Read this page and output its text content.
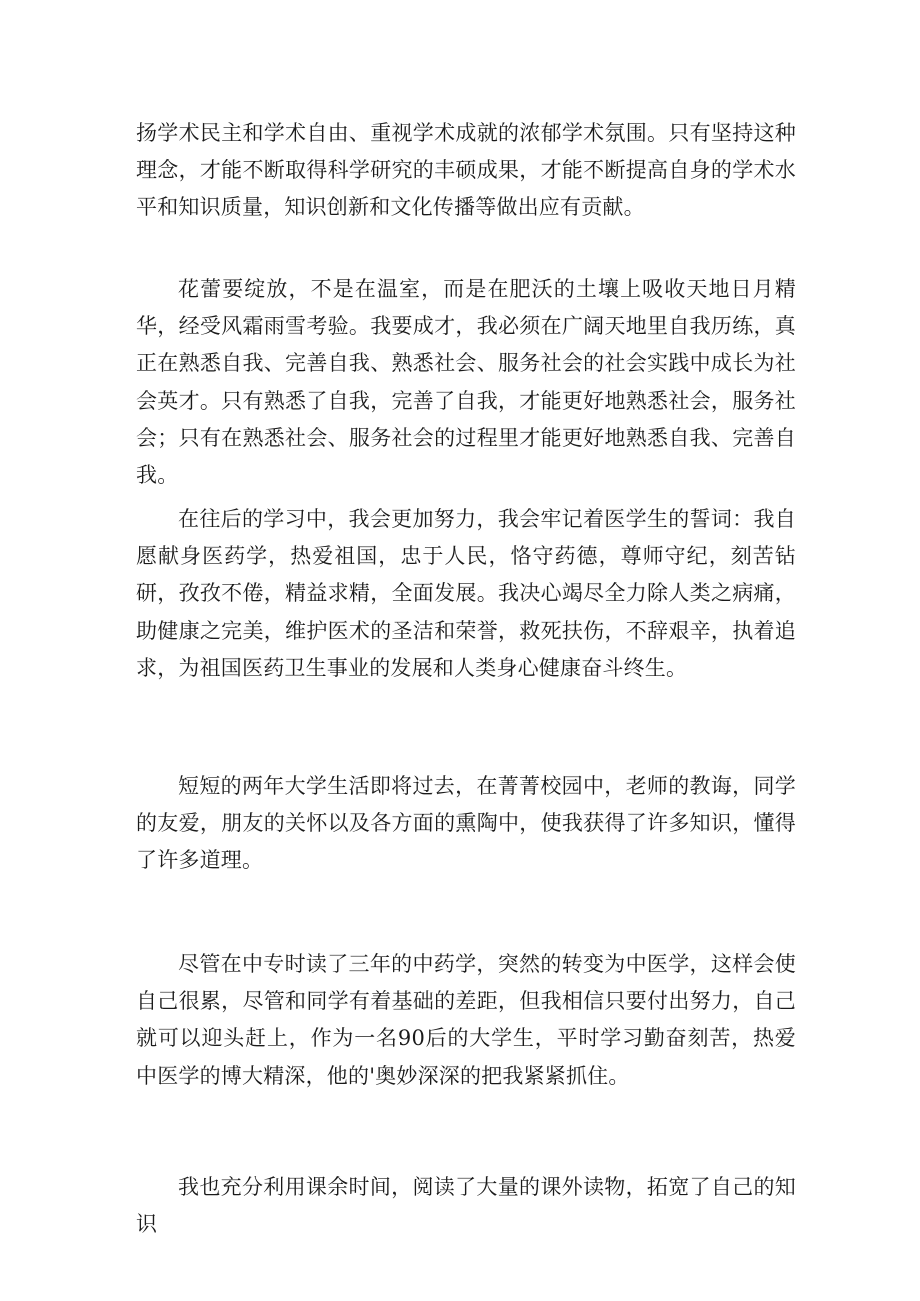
扬学术民主和学术自由、重视学术成就的浓郁学术氛围。只有坚持这种理念，才能不断取得科学研究的丰硕成果，才能不断提高自身的学术水平和知识质量，知识创新和文化传播等做出应有贡献。

花蕾要绽放，不是在温室，而是在肥沃的土壤上吸收天地日月精华，经受风霜雨雪考验。我要成才，我必须在广阔天地里自我历练，真正在熟悉自我、完善自我、熟悉社会、服务社会的社会实践中成长为社会英才。只有熟悉了自我，完善了自我，才能更好地熟悉社会，服务社会；只有在熟悉社会、服务社会的过程里才能更好地熟悉自我、完善自我。

在往后的学习中，我会更加努力，我会牢记着医学生的誓词：我自愿献身医药学，热爱祖国，忠于人民，恪守药德，尊师守纪，刻苦钻研，孜孜不倦，精益求精，全面发展。我决心竭尽全力除人类之病痛，助健康之完美，维护医术的圣洁和荣誉，救死扶伤，不辞艰辛，执着追求，为祖国医药卫生事业的发展和人类身心健康奋斗终生。

短短的两年大学生活即将过去，在菁菁校园中，老师的教诲，同学的友爱，朋友的关怀以及各方面的熏陶中，使我获得了许多知识，懂得了许多道理。

尽管在中专时读了三年的中药学，突然的转变为中医学，这样会使自己很累，尽管和同学有着基础的差距，但我相信只要付出努力，自己就可以迎头赶上，作为一名90后的大学生，平时学习勤奋刻苦，热爱中医学的博大精深，他的'奥妙深深的把我紧紧抓住。

我也充分利用课余时间，阅读了大量的课外读物，拓宽了自己的知识
